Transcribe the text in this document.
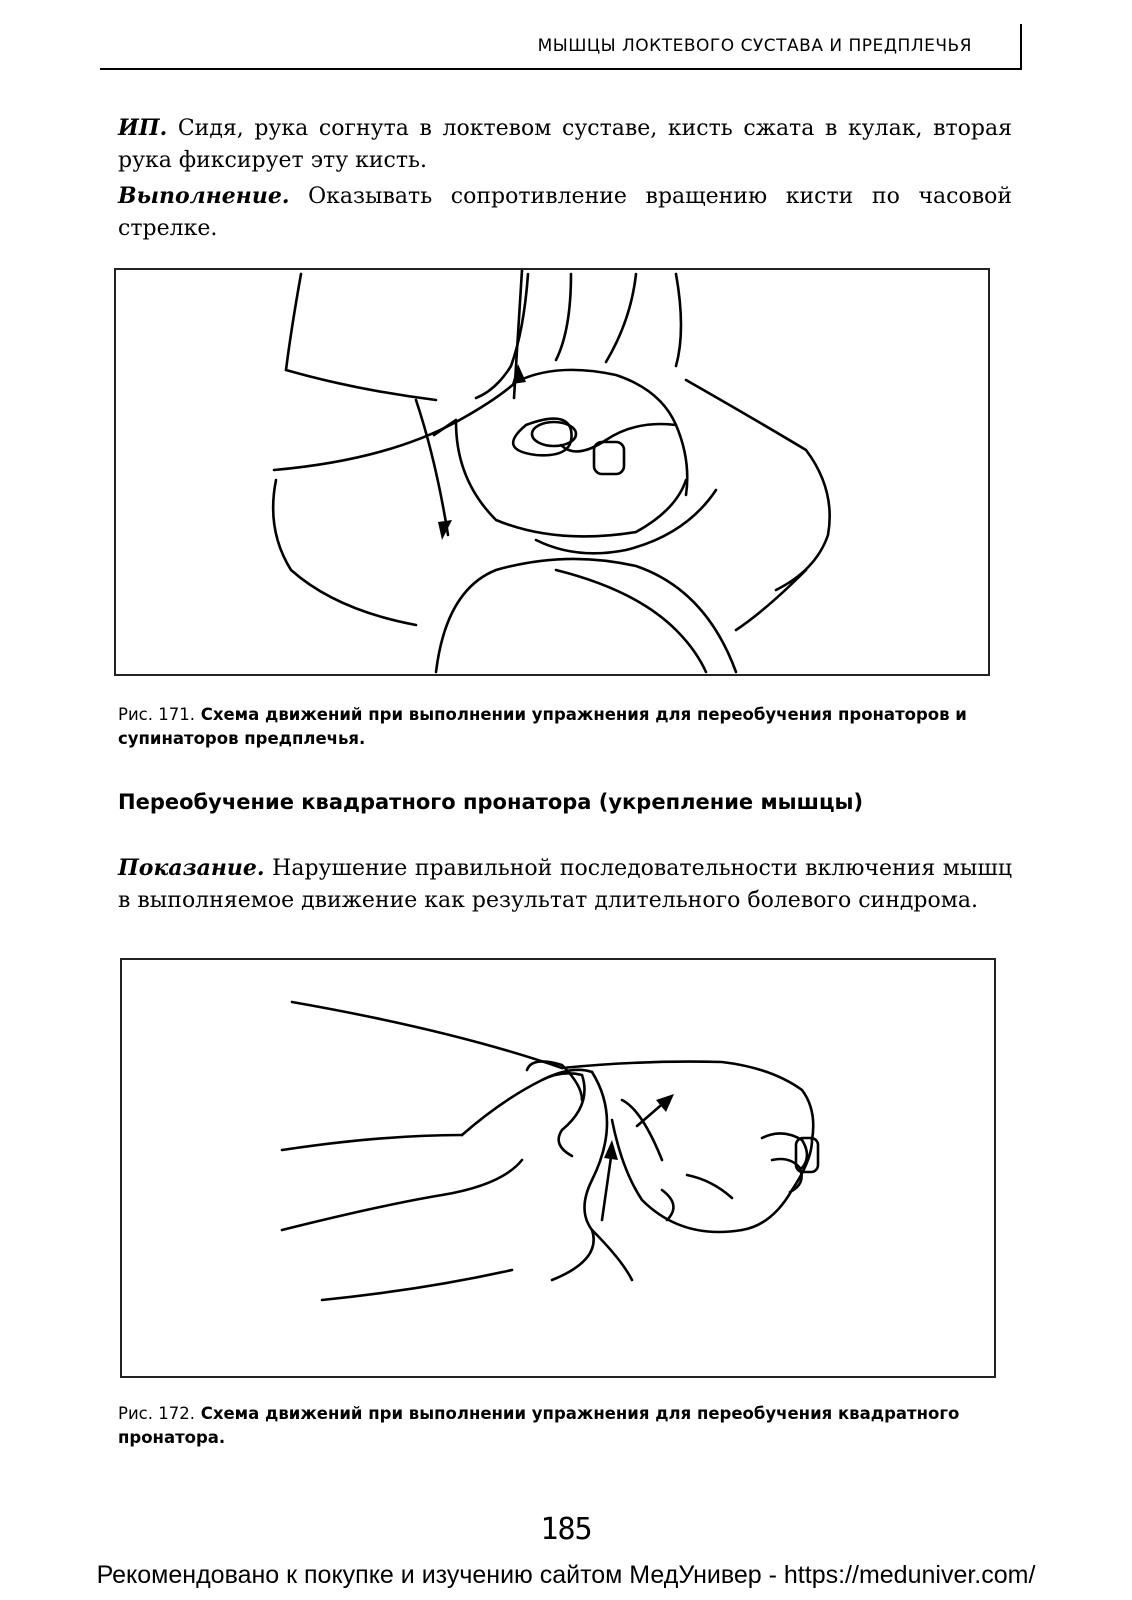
МЫШЦЫ ЛОКТЕВОГО СУСТАВА И ПРЕДПЛЕЧЬЯ

ИП. Сидя, рука согнута в локтевом суставе, кисть сжата в кулак, вторая рука фиксирует эту кисть.

Выполнение. Оказывать сопротивление вращению кисти по часовой стрелке.

Рис. 171. Схема движений при выполнении упражнения для переобучения пронаторов и супинаторов предплечья.

Переобучение квадратного пронатора (укрепление мышцы)

Показание. Нарушение правильной последовательности включения мышц в выполняемое движение как результат длительного болевого синдрома.

Рис. 172. Схема движений при выполнении упражнения для переобучения квадратного пронатора.

185
Рекомендовано к покупке и изучению сайтом МедУнивер - https://meduniver.com/
